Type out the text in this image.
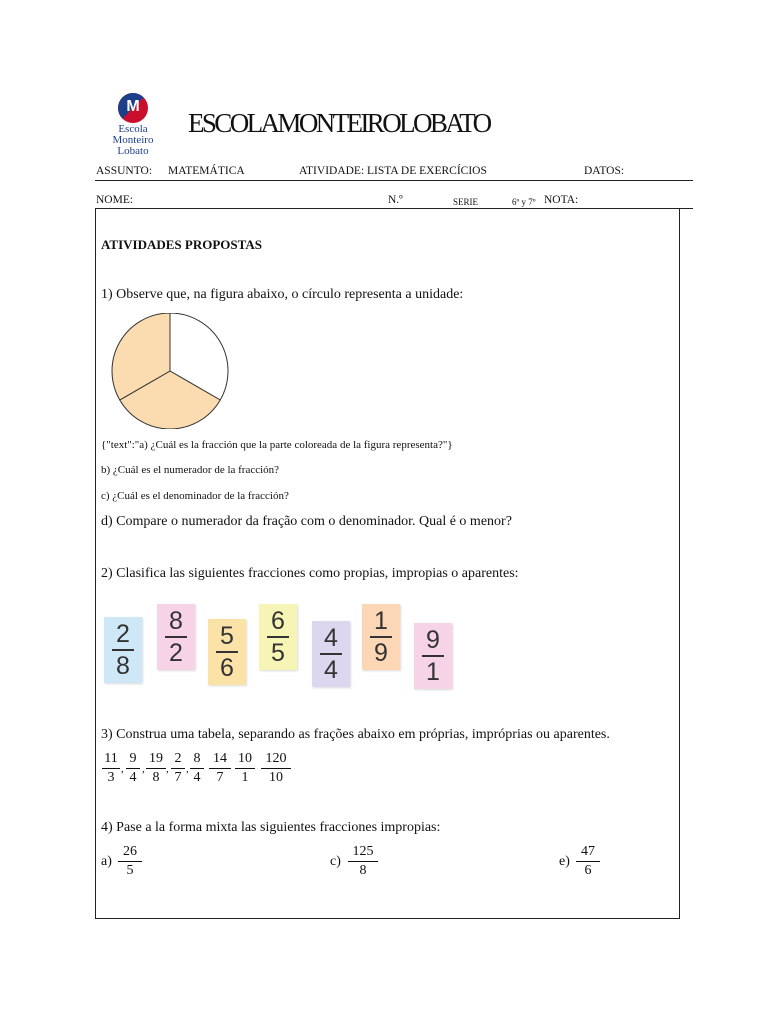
M
Escola
Monteiro
Lobato
ESCOLAMONTEIROLOBATO
ASSUNTO: MATEMÁTICA	ATIVIDADE: LISTA DE EXERCÍCIOS	DATOS:
NOME:	N.º	SERIE	6º y 7º NOTA:
ATIVIDADES PROPOSTAS
1) Observe que, na figura abaixo, o círculo representa a unidade:
{"text":"a) ¿Cuál es la fracción que la parte coloreada de la figura representa?"}
b) ¿Cuál es el numerador de la fracción?
c) ¿Cuál es el denominador de la fracción?
d) Compare o numerador da fração com o denominador. Qual é o menor?
2) Clasifica las siguientes fracciones como propias, impropias o aparentes:
2
8
8
2
5
6
6
5
4
4
1
9	9
1
3) Construa uma tabela, separando as frações abaixo em próprias, impróprias ou aparentes.
11
3
9
4
19
8
2
7
8
4
14
7
10
1
120
10
, , , ,
4) Pase a la forma mixta las siguientes fracciones impropias:
a)
26
5
c)
125
8
e)
47
6
